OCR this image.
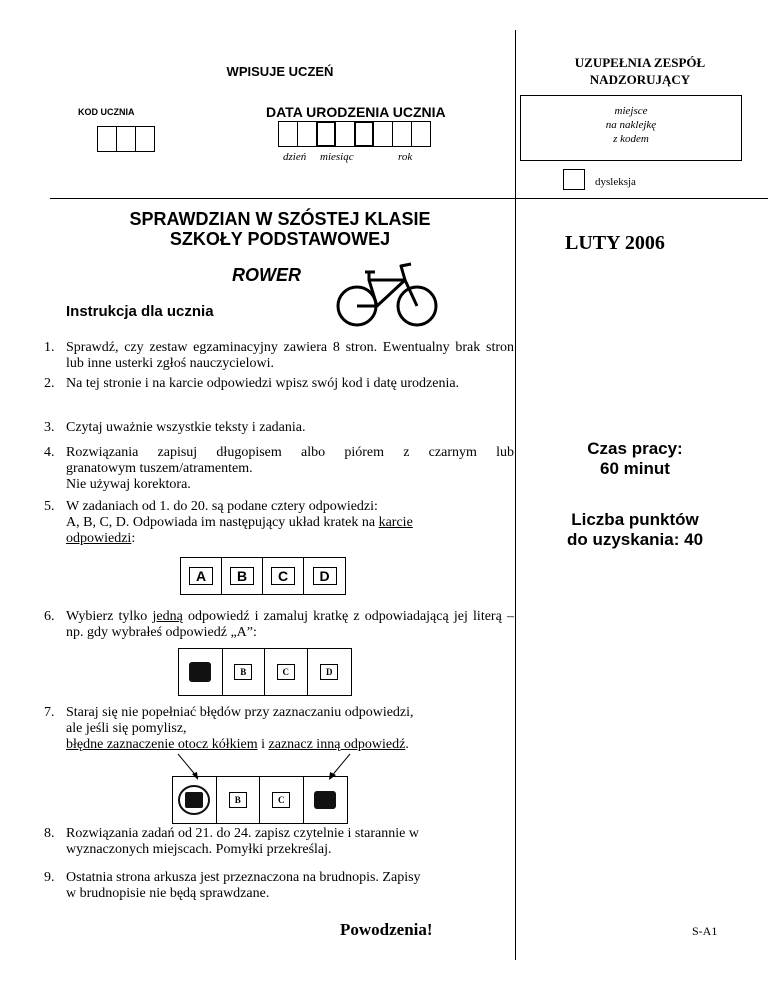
WPISUJE UCZEŃ
KOD UCZNIA	DATA URODZENIA UCZNIA
dzień miesiąc	rok
UZUPEŁNIA ZESPÓŁ
NADZORUJĄCY
miejsce
na naklejkę
z kodem
dysleksja
SPRAWDZIAN W SZÓSTEJ KLASIE
SZKOŁY PODSTAWOWEJ	LUTY 2006
ROWER
Instrukcja dla ucznia
1. Sprawdź, czy zestaw egzaminacyjny zawiera 8 stron. Ewentualny brak stron lub inne usterki zgłoś nauczycielowi.
2. Na tej stronie i na karcie odpowiedzi wpisz swój kod i datę urodzenia.
3. Czytaj uważnie wszystkie teksty i zadania.
4. Rozwiązania zapisuj długopisem albo piórem z czarnym lub
granatowym tuszem/atramentem.
Nie używaj korektora.
5. W zadaniach od 1. do 20. są podane cztery odpowiedzi:
A, B, C, D. Odpowiada im następujący układ kratek na karcie
odpowiedzi:
A	B	C	D
6. Wybierz tylko jedną odpowiedź i zamaluj kratkę z odpowiadającą jej literą – np. gdy wybrałeś odpowiedź „A”:
B	C	D
7. Staraj się nie popełniać błędów przy zaznaczaniu odpowiedzi,
ale jeśli się pomylisz,
błędne zaznaczenie otocz kółkiem i zaznacz inną odpowiedź.
B	C
8. Rozwiązania zadań od 21. do 24. zapisz czytelnie i starannie w wyznaczonych miejscach. Pomyłki przekreślaj.
9. Ostatnia strona arkusza jest przeznaczona na brudnopis. Zapisy w brudnopisie nie będą sprawdzane.
Czas pracy:
60 minut
Liczba punktów
do uzyskania: 40
Powodzenia!	S-A1
